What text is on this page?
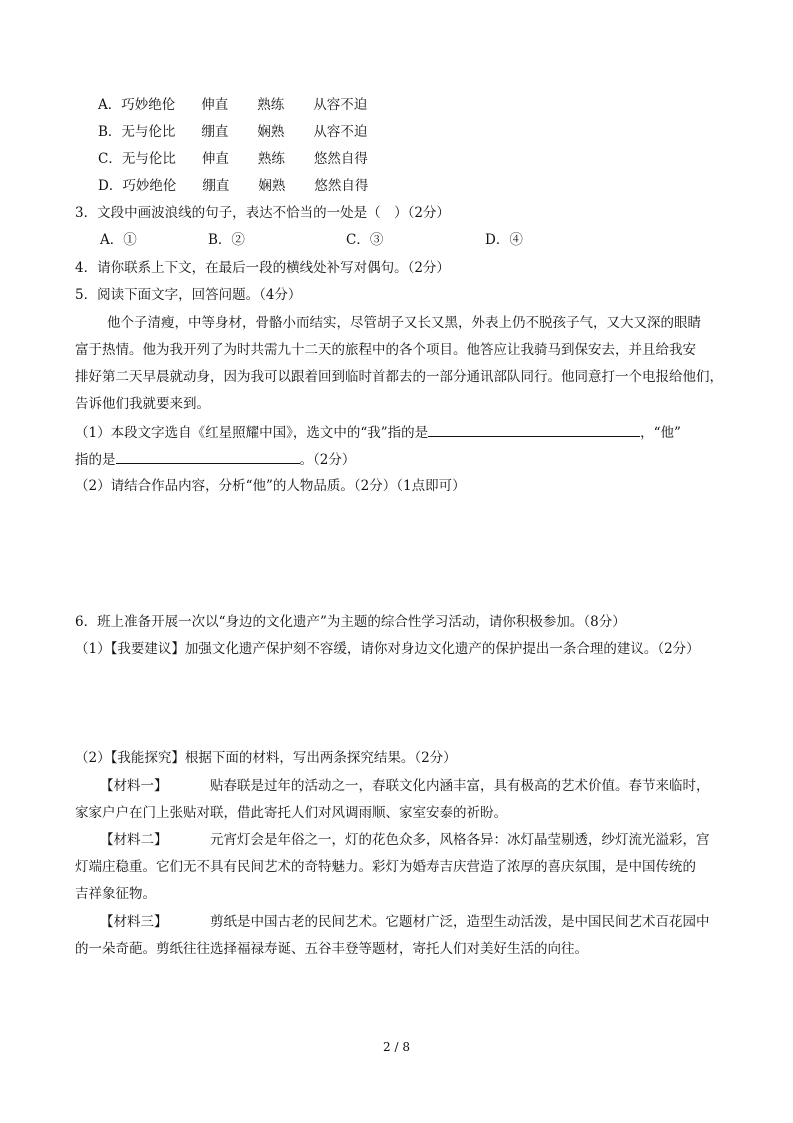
A．巧妙绝伦 伸直 熟练 从容不迫
B．无与伦比 绷直 娴熟 从容不迫
C．无与伦比 伸直 熟练 悠然自得
D．巧妙绝伦 绷直 娴熟 悠然自得
3．文段中画波浪线的句子，表达不恰当的一处是（　）（2分）
A．①	B．②	C．③	D．④
4．请你联系上下文，在最后一段的横线处补写对偶句。（2分）
5．阅读下面文字，回答问题。（4分）
他个子清瘦，中等身材，骨骼小而结实，尽管胡子又长又黑，外表上仍不脱孩子气，又大又深的眼睛
富于热情。他为我开列了为时共需九十二天的旅程中的各个项目。他答应让我骑马到保安去，并且给我安
排好第二天早晨就动身，因为我可以跟着回到临时首都去的一部分通讯部队同行。他同意打一个电报给他们，
告诉他们我就要来到。
（1）本段文字选自《红星照耀中国》，选文中的“我”指的是	，“他”
指的是	。（2分）
（2）请结合作品内容，分析“他”的人物品质。（2分）（1点即可）
6．班上准备开展一次以“身边的文化遗产”为主题的综合性学习活动，请你积极参加。（8分）
（1）【我要建议】加强文化遗产保护刻不容缓，请你对身边文化遗产的保护提出一条合理的建议。（2分）
（2）【我能探究】根据下面的材料，写出两条探究结果。（2分）
【材料一】	贴春联是过年的活动之一，春联文化内涵丰富，具有极高的艺术价值。春节来临时，
家家户户在门上张贴对联，借此寄托人们对风调雨顺、家室安泰的祈盼。
【材料二】	元宵灯会是年俗之一，灯的花色众多，风格各异：冰灯晶莹剔透，纱灯流光溢彩，宫
灯端庄稳重。它们无不具有民间艺术的奇特魅力。彩灯为婚寿吉庆营造了浓厚的喜庆氛围，是中国传统的
吉祥象征物。
【材料三】	剪纸是中国古老的民间艺术。它题材广泛，造型生动活泼，是中国民间艺术百花园中
的一朵奇葩。剪纸往往选择福禄寿诞、五谷丰登等题材，寄托人们对美好生活的向往。
2 / 8
